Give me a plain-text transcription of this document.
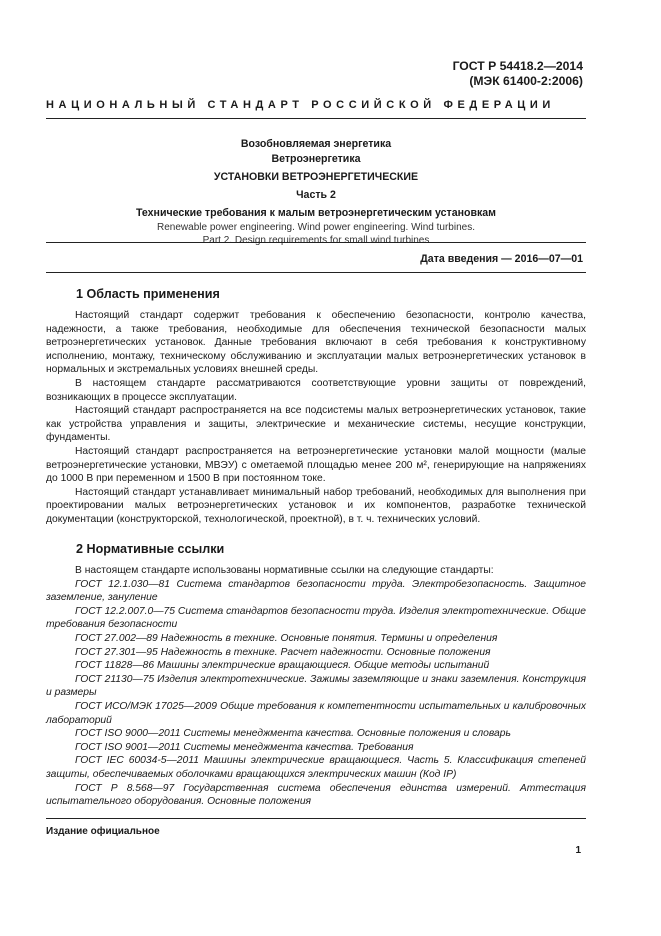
ГОСТ Р 54418.2—2014
(МЭК 61400-2:2006)
НАЦИОНАЛЬНЫЙ СТАНДАРТ РОССИЙСКОЙ ФЕДЕРАЦИИ
Возобновляемая энергетика
Ветроэнергетика
УСТАНОВКИ ВЕТРОЭНЕРГЕТИЧЕСКИЕ
Часть 2
Технические требования к малым ветроэнергетическим установкам
Renewable power engineering. Wind power engineering. Wind turbines.
Part 2. Design requirements for small wind turbines
Дата введения — 2016—07—01
1 Область применения

Настоящий стандарт содержит требования к обеспечению безопасности, контролю качества, надежности, а также требования, необходимые для обеспечения технической безопасности малых ветроэнергетических установок. Данные требования включают в себя требования к конструктивному исполнению, монтажу, техническому обслуживанию и эксплуатации малых ветроэнергетических установок в нормальных и экстремальных условиях внешней среды.

В настоящем стандарте рассматриваются соответствующие уровни защиты от повреждений, возникающих в процессе эксплуатации.

Настоящий стандарт распространяется на все подсистемы малых ветроэнергетических установок, такие как устройства управления и защиты, электрические и механические системы, несущие конструкции, фундаменты.

Настоящий стандарт распространяется на ветроэнергетические установки малой мощности (малые ветроэнергетические установки, МВЭУ) с ометаемой площадью менее 200 м², генерирующие на напряжениях до 1000 В при переменном и 1500 В при постоянном токе.

Настоящий стандарт устанавливает минимальный набор требований, необходимых для выполнения при проектировании малых ветроэнергетических установок и их компонентов, разработке технической документации (конструкторской, технологической, проектной), в т. ч. технических условий.

2 Нормативные ссылки

В настоящем стандарте использованы нормативные ссылки на следующие стандарты:

ГОСТ 12.1.030—81 Система стандартов безопасности труда. Электробезопасность. Защитное заземление, зануление

ГОСТ 12.2.007.0—75 Система стандартов безопасности труда. Изделия электротехнические. Общие требования безопасности

ГОСТ 27.002—89 Надежность в технике. Основные понятия. Термины и определения

ГОСТ 27.301—95 Надежность в технике. Расчет надежности. Основные положения

ГОСТ 11828—86 Машины электрические вращающиеся. Общие методы испытаний

ГОСТ 21130—75 Изделия электротехнические. Зажимы заземляющие и знаки заземления. Конструкция и размеры

ГОСТ ИСО/МЭК 17025—2009 Общие требования к компетентности испытательных и калибровочных лабораторий

ГОСТ ISO 9000—2011 Системы менеджмента качества. Основные положения и словарь

ГОСТ ISO 9001—2011 Системы менеджмента качества. Требования

ГОСТ IEC 60034-5—2011 Машины электрические вращающиеся. Часть 5. Классификация степеней защиты, обеспечиваемых оболочками вращающихся электрических машин (Код IP)

ГОСТ Р 8.568—97 Государственная система обеспечения единства измерений. Аттестация испытательного оборудования. Основные положения

Издание официальное
1
